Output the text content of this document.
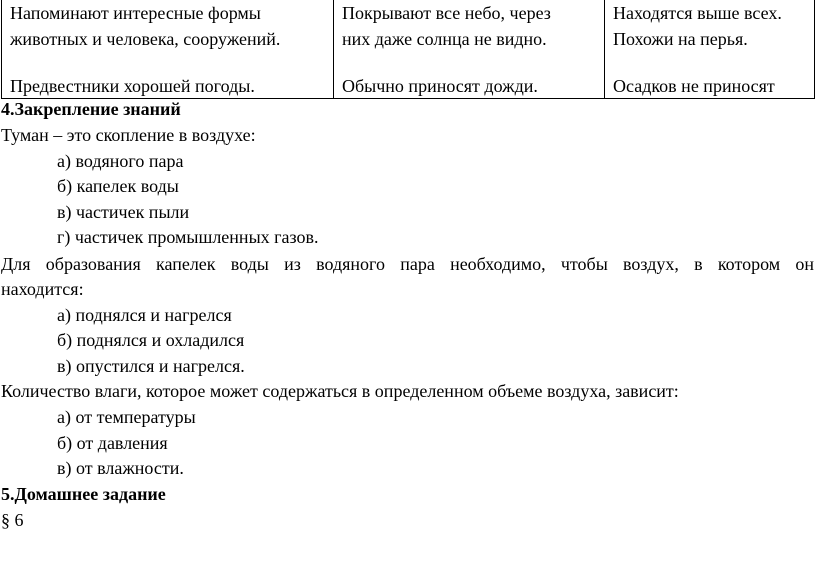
Напоминают интересные формы
животных и человека, сооружений.
Предвестники хорошей погоды.

Покрывают все небо, через
них даже солнца не видно.
Обычно приносят дожди.

Находятся выше всех.
Похожи на перья.
Осадков не приносят
4.Закрепление знаний
Туман – это скопление в воздухе:
а) водяного пара
б) капелек воды
в) частичек пыли
г) частичек промышленных газов.
Для образования капелек воды из водяного пара необходимо, чтобы воздух, в котором он
находится:
а) поднялся и нагрелся
б) поднялся и охладился
в) опустился и нагрелся.
Количество влаги, которое может содержаться в определенном объеме воздуха, зависит:
а) от температуры
б) от давления
в) от влажности.
5.Домашнее задание
§ 6
